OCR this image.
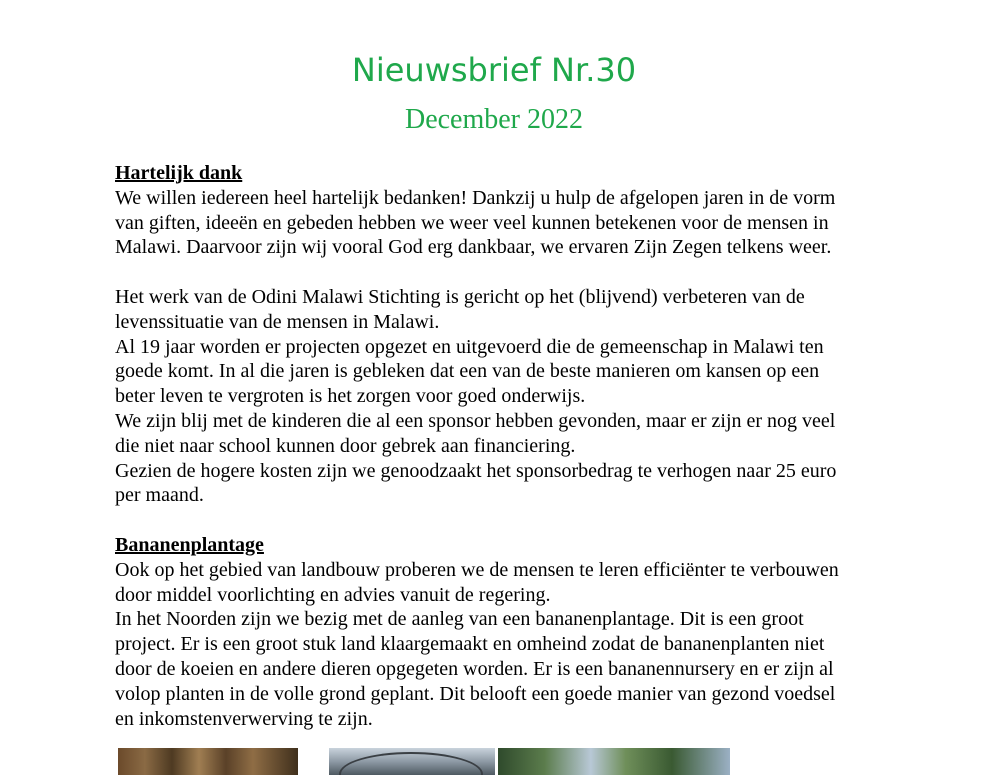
Nieuwsbrief Nr.30
December 2022
Hartelijk dank
We willen iedereen heel hartelijk bedanken! Dankzij u hulp de afgelopen jaren in de vorm
van giften, ideeën en gebeden hebben we weer veel kunnen betekenen voor de mensen in
Malawi. Daarvoor zijn wij vooral God erg dankbaar, we ervaren Zijn Zegen telkens weer.
Het werk van de Odini Malawi Stichting is gericht op het (blijvend) verbeteren van de
levenssituatie van de mensen in Malawi.
Al 19 jaar worden er projecten opgezet en uitgevoerd die de gemeenschap in Malawi ten
goede komt. In al die jaren is gebleken dat een van de beste manieren om kansen op een
beter leven te vergroten is het zorgen voor goed onderwijs.
We zijn blij met de kinderen die al een sponsor hebben gevonden, maar er zijn er nog veel
die niet naar school kunnen door gebrek aan financiering.
Gezien de hogere kosten zijn we genoodzaakt het sponsorbedrag te verhogen naar 25 euro
per maand.
Bananenplantage
Ook op het gebied van landbouw proberen we de mensen te leren efficiënter te verbouwen
door middel voorlichting en advies vanuit de regering.
In het Noorden zijn we bezig met de aanleg van een bananenplantage. Dit is een groot
project. Er is een groot stuk land klaargemaakt en omheind zodat de bananenplanten niet
door de koeien en andere dieren opgegeten worden. Er is een bananennursery en er zijn al
volop planten in de volle grond geplant. Dit belooft een goede manier van gezond voedsel
en inkomstenverwerving te zijn.
